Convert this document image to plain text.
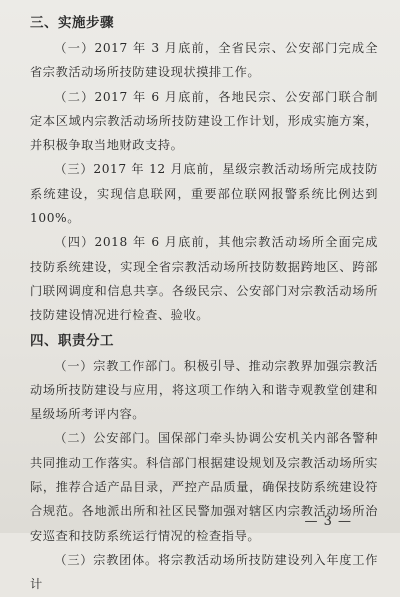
三、实施步骤

（一）2017 年 3 月底前，全省民宗、公安部门完成全省宗教活动场所技防建设现状摸排工作。

（二）2017 年 6 月底前，各地民宗、公安部门联合制定本区域内宗教活动场所技防建设工作计划，形成实施方案，并积极争取当地财政支持。

（三）2017 年 12 月底前，星级宗教活动场所完成技防系统建设，实现信息联网，重要部位联网报警系统比例达到 100%。

（四）2018 年 6 月底前，其他宗教活动场所全面完成技防系统建设，实现全省宗教活动场所技防数据跨地区、跨部门联网调度和信息共享。各级民宗、公安部门对宗教活动场所技防建设情况进行检查、验收。

四、职责分工

（一）宗教工作部门。积极引导、推动宗教界加强宗教活动场所技防建设与应用，将这项工作纳入和谐寺观教堂创建和星级场所考评内容。

（二）公安部门。国保部门牵头协调公安机关内部各警种共同推动工作落实。科信部门根据建设规划及宗教活动场所实际，推荐合适产品目录，严控产品质量，确保技防系统建设符合规范。各地派出所和社区民警加强对辖区内宗教活动场所治安巡查和技防系统运行情况的检查指导。

（三）宗教团体。将宗教活动场所技防建设列入年度工作计

— 3 —
